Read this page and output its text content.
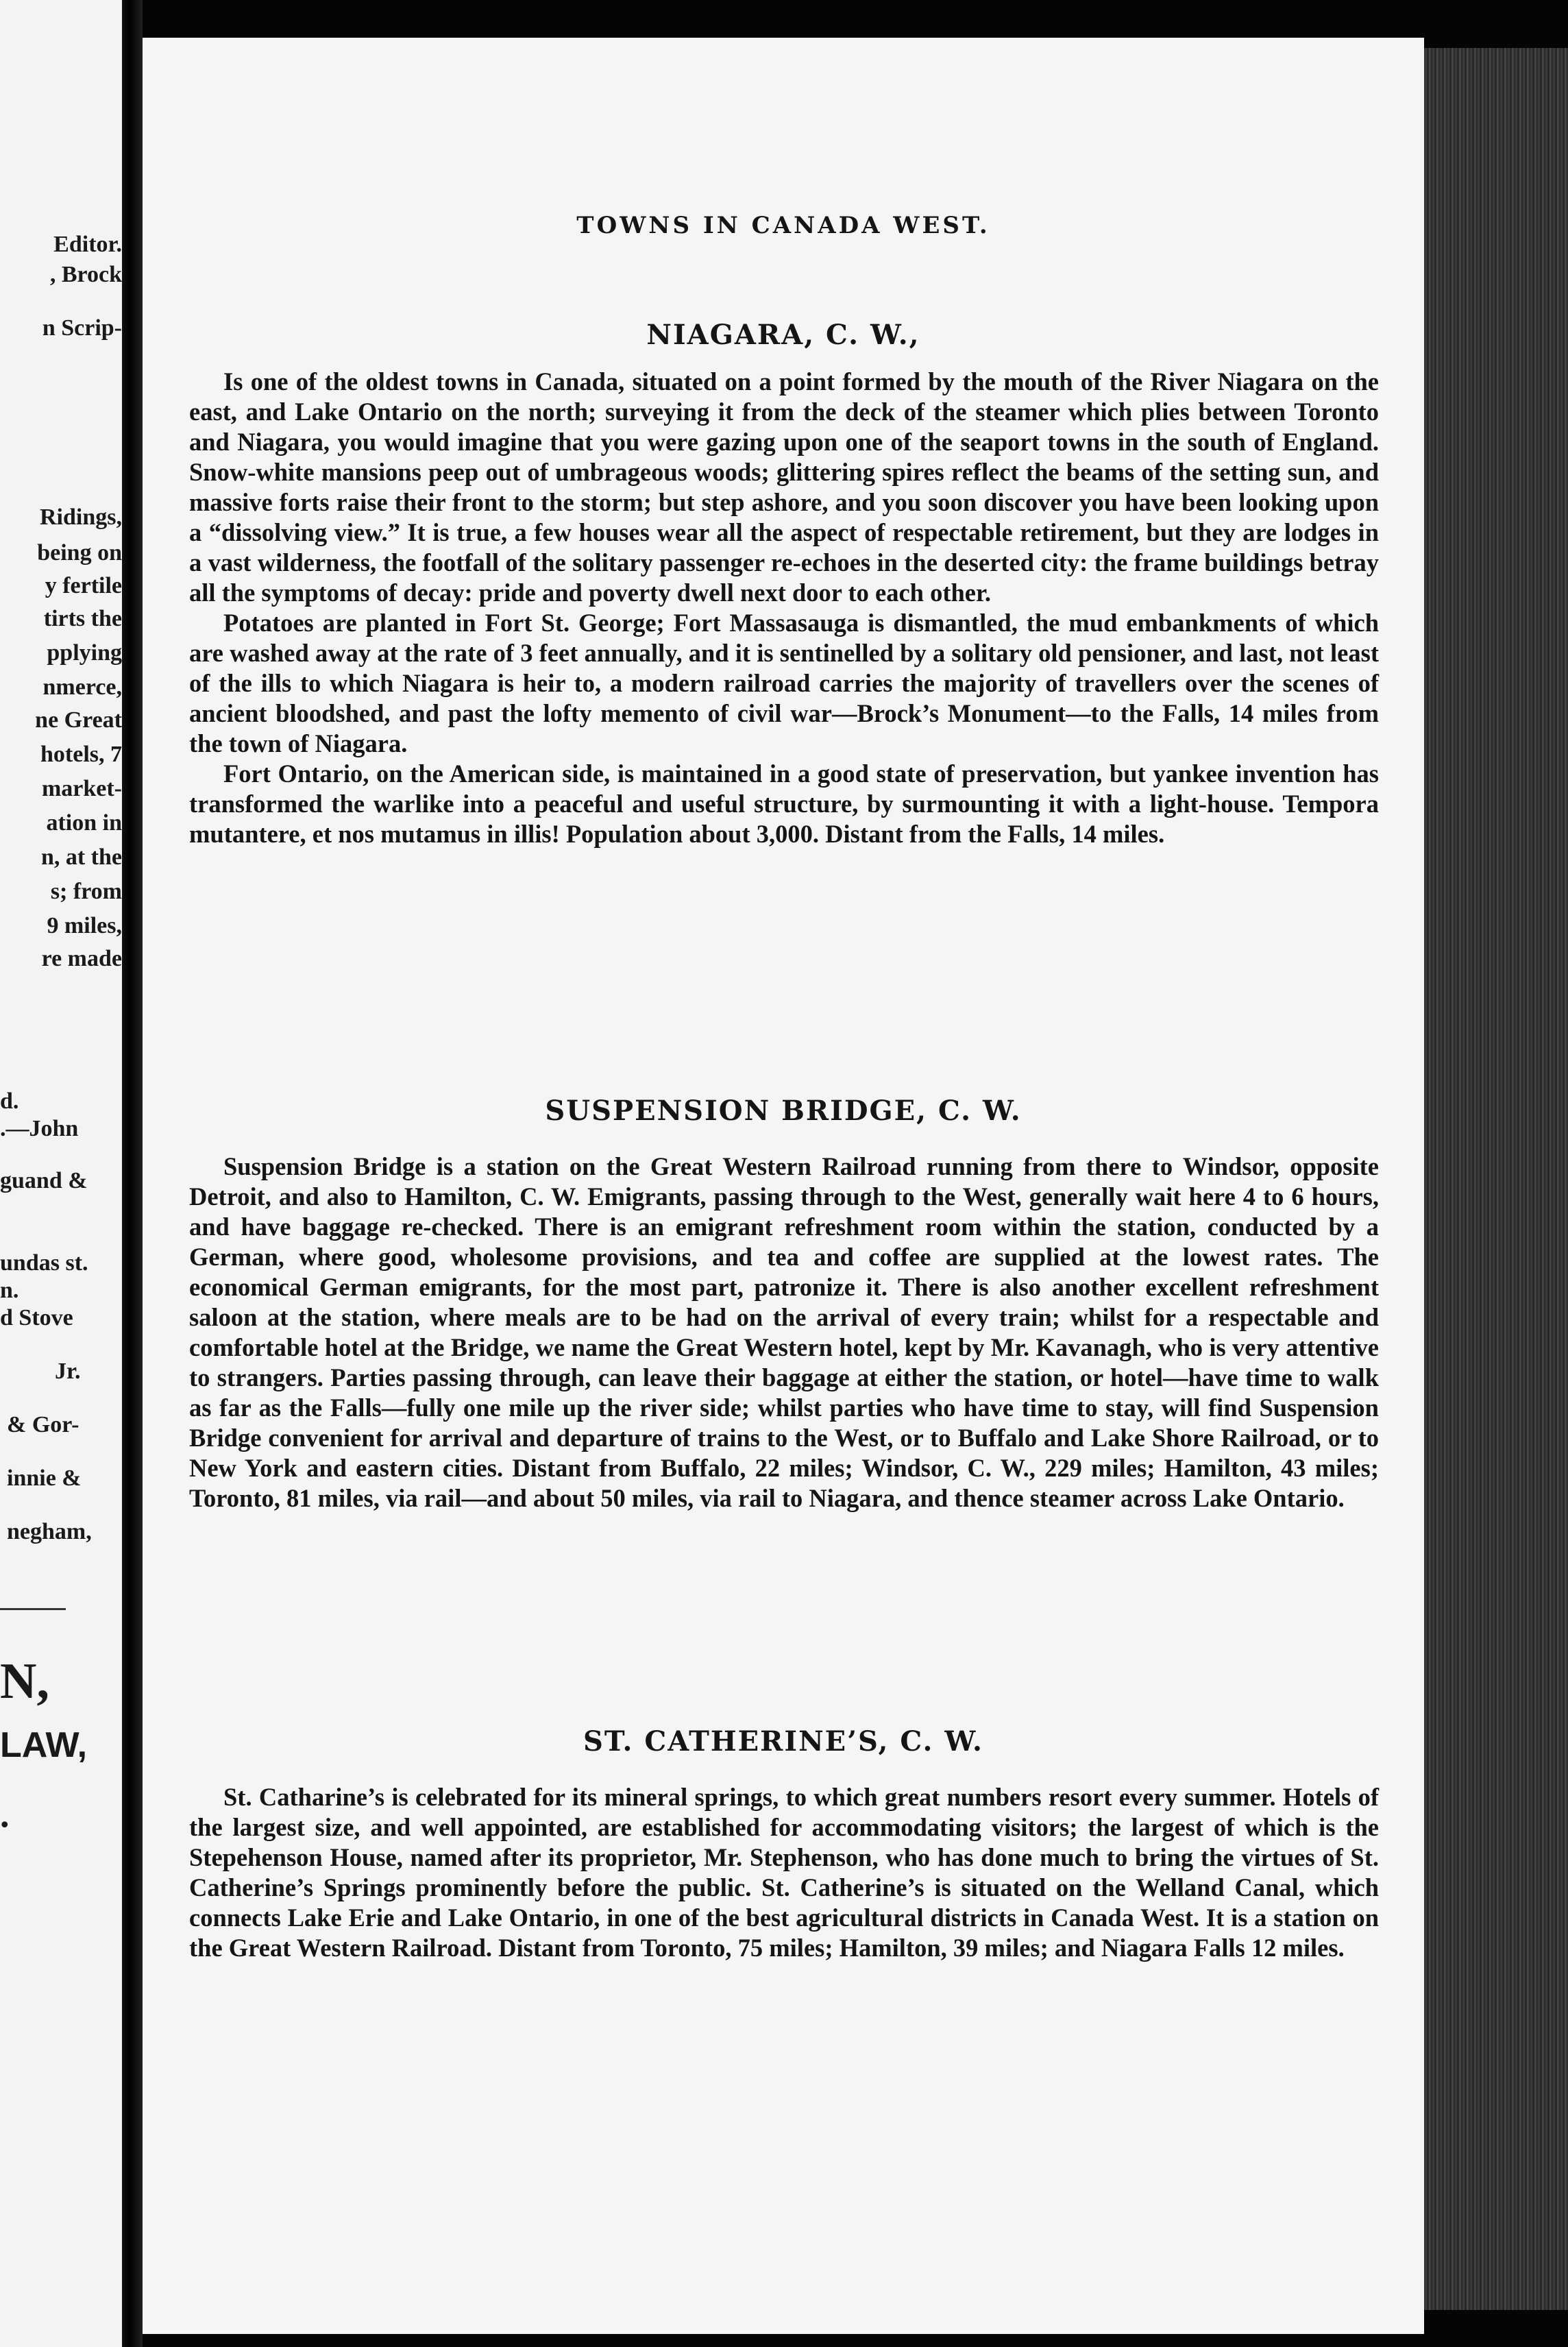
Editor.
, Brock
n Scrip-
Ridings,
being on
y fertile
tirts the
pplying
nmerce,
ne Great
hotels, 7
market-
ation in
n, at the
s; from
9 miles,
re made
d.
.—John
guand &
undas st.
n.
d Stove
Jr.
& Gor-
innie &
negham,
N,
LAW,
.
TOWNS IN CANADA WEST.
NIAGARA, C. W.,

Is one of the oldest towns in Canada, situated on a point formed by the mouth of the River Niagara on the east, and Lake Ontario on the north; surveying it from the deck of the steamer which plies between Toronto and Niagara, you would imagine that you were gazing upon one of the seaport towns in the south of England. Snow-white mansions peep out of umbrageous woods; glittering spires reflect the beams of the setting sun, and massive forts raise their front to the storm; but step ashore, and you soon discover you have been looking upon a “dissolving view.” It is true, a few houses wear all the aspect of respectable retirement, but they are lodges in a vast wilderness, the footfall of the solitary passenger re-echoes in the deserted city: the frame buildings betray all the symptoms of decay: pride and poverty dwell next door to each other.

Potatoes are planted in Fort St. George; Fort Massasauga is dismantled, the mud embankments of which are washed away at the rate of 3 feet annually, and it is sentinelled by a solitary old pensioner, and last, not least of the ills to which Niagara is heir to, a modern railroad carries the majority of travellers over the scenes of ancient bloodshed, and past the lofty memento of civil war—Brock’s Monument—to the Falls, 14 miles from the town of Niagara.

Fort Ontario, on the American side, is maintained in a good state of preservation, but yankee invention has transformed the warlike into a peaceful and useful structure, by surmounting it with a light-house. Tempora mutantere, et nos mutamus in illis! Population about 3,000. Distant from the Falls, 14 miles.

SUSPENSION BRIDGE, C. W.

Suspension Bridge is a station on the Great Western Railroad running from there to Windsor, opposite Detroit, and also to Hamilton, C. W. Emigrants, passing through to the West, generally wait here 4 to 6 hours, and have baggage re-checked. There is an emigrant refreshment room within the station, conducted by a German, where good, wholesome provisions, and tea and coffee are supplied at the lowest rates. The economical German emigrants, for the most part, patronize it. There is also another excellent refreshment saloon at the station, where meals are to be had on the arrival of every train; whilst for a respectable and comfortable hotel at the Bridge, we name the Great Western hotel, kept by Mr. Kavanagh, who is very attentive to strangers. Parties passing through, can leave their baggage at either the station, or hotel—have time to walk as far as the Falls—fully one mile up the river side; whilst parties who have time to stay, will find Suspension Bridge convenient for arrival and departure of trains to the West, or to Buffalo and Lake Shore Railroad, or to New York and eastern cities. Distant from Buffalo, 22 miles; Windsor, C. W., 229 miles; Hamilton, 43 miles; Toronto, 81 miles, via rail—and about 50 miles, via rail to Niagara, and thence steamer across Lake Ontario.

ST. CATHERINE’S, C. W.

St. Catharine’s is celebrated for its mineral springs, to which great numbers resort every summer. Hotels of the largest size, and well appointed, are established for accommodating visitors; the largest of which is the Stepehenson House, named after its proprietor, Mr. Stephenson, who has done much to bring the virtues of St. Catherine’s Springs prominently before the public. St. Catherine’s is situated on the Welland Canal, which connects Lake Erie and Lake Ontario, in one of the best agricultural districts in Canada West. It is a station on the Great Western Railroad. Distant from Toronto, 75 miles; Hamilton, 39 miles; and Niagara Falls 12 miles.
